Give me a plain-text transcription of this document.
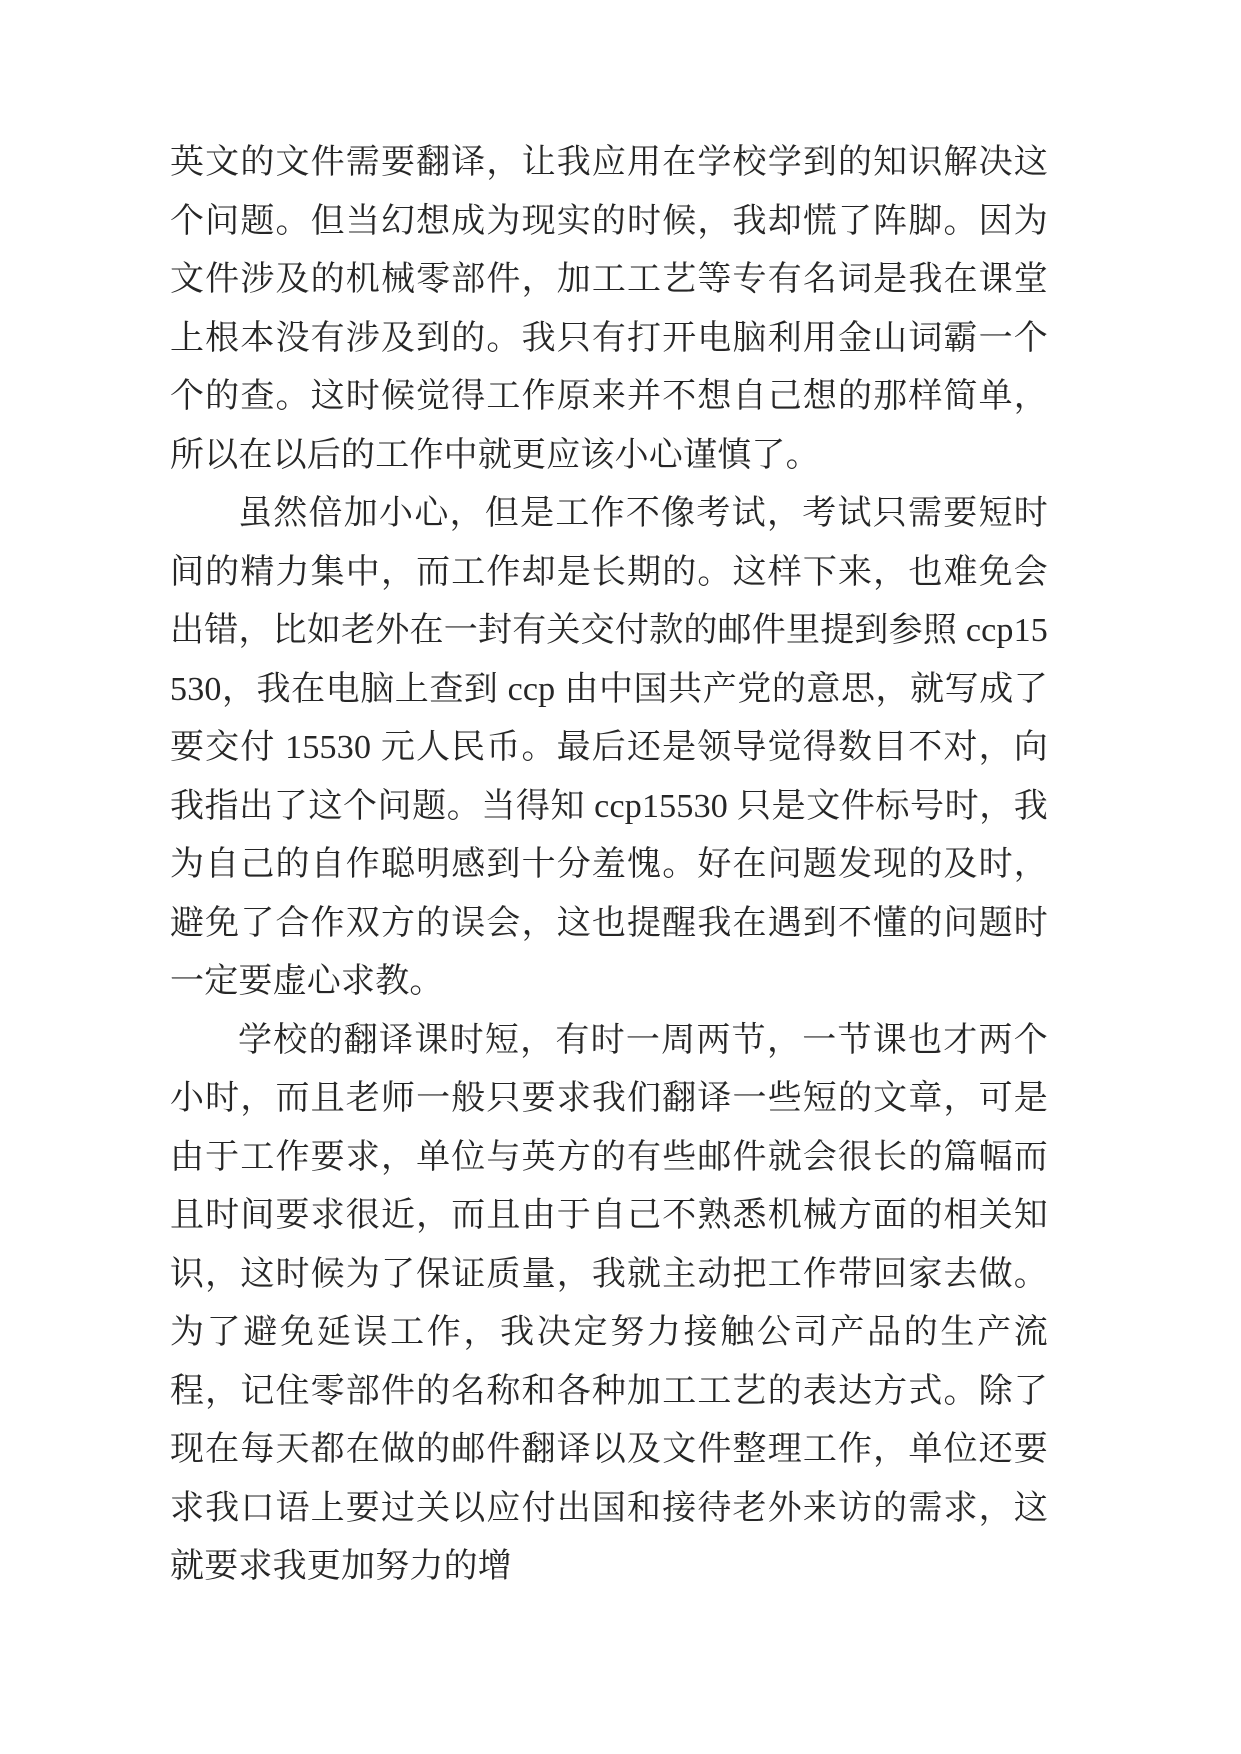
英文的文件需要翻译，让我应用在学校学到的知识解决这个问题。但当幻想成为现实的时候，我却慌了阵脚。因为文件涉及的机械零部件，加工工艺等专有名词是我在课堂上根本没有涉及到的。我只有打开电脑利用金山词霸一个个的查。这时候觉得工作原来并不想自己想的那样简单，所以在以后的工作中就更应该小心谨慎了。

虽然倍加小心，但是工作不像考试，考试只需要短时间的精力集中，而工作却是长期的。这样下来，也难免会出错，比如老外在一封有关交付款的邮件里提到参照 ccp15530，我在电脑上查到 ccp 由中国共产党的意思，就写成了要交付 15530 元人民币。最后还是领导觉得数目不对，向我指出了这个问题。当得知 ccp15530 只是文件标号时，我为自己的自作聪明感到十分羞愧。好在问题发现的及时，避免了合作双方的误会，这也提醒我在遇到不懂的问题时一定要虚心求教。

学校的翻译课时短，有时一周两节，一节课也才两个小时，而且老师一般只要求我们翻译一些短的文章，可是由于工作要求，单位与英方的有些邮件就会很长的篇幅而且时间要求很近，而且由于自己不熟悉机械方面的相关知识，这时候为了保证质量，我就主动把工作带回家去做。为了避免延误工作，我决定努力接触公司产品的生产流程，记住零部件的名称和各种加工工艺的表达方式。除了现在每天都在做的邮件翻译以及文件整理工作，单位还要求我口语上要过关以应付出国和接待老外来访的需求，这就要求我更加努力的增
